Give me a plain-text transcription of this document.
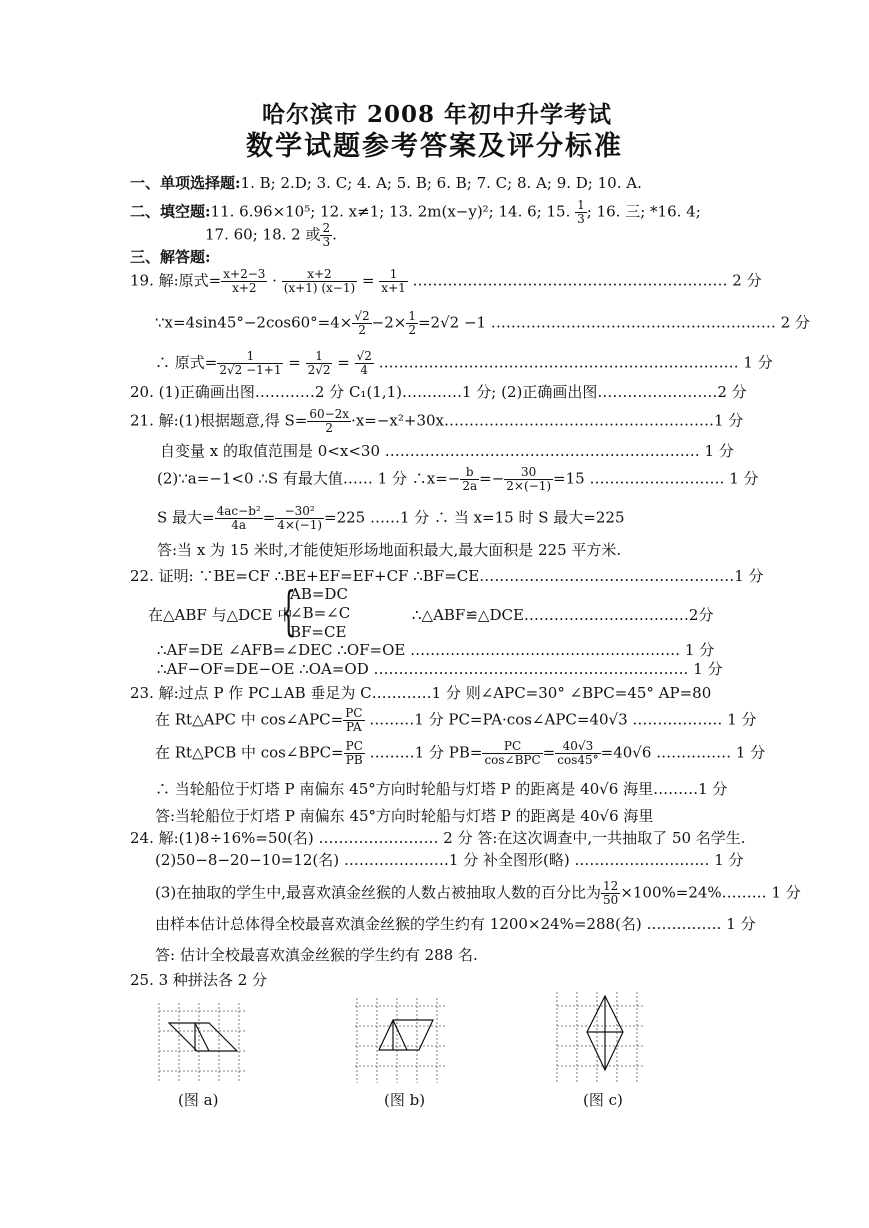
哈尔滨市 2008 年初中升学考试
数学试题参考答案及评分标准
一、单项选择题:1. B; 2.D; 3. C; 4. A; 5. B; 6. B; 7. C; 8. A; 9. D; 10. A.
二、填空题:11. 6.96×10⁵; 12. x≠1; 13. 2m(x−y)²; 14. 6; 15. $\frac{1}{3}$ ; 16. 三; *16. 4;
17. 60; 18. 2 或 $\frac{2}{3}$ .
三、解答题:
19. 解:原式= $\frac{x+2-3}{x+2} \cdot \frac{x+2}{(x+1) (x-1)} = \frac{1}{x+1}$ ……………………………………………………… 2 分
∵x=4sin45°−2cos60°=4× $\frac{√2}{2} -2\times \frac{1}{2} =2√2 -1$ ………………………………………………… 2 分
∴ 原式= $\frac{1}{2√2 -1+1} = \frac{1}{2√2} = \frac{√2}{4}$ ……………………………………………………………… 1 分
20. (1)正确画出图…………2 分 C₁(1,1)…………1 分; (2)正确画出图……………………2 分
21. 解:(1)根据题意,得 $S= \frac{60-2x}{2}$ ·x=−x²+30x………………………………………………1 分
自变量 x 的取值范围是 0<x<30 ……………………………………………………… 1 分
(2)∵a=−1<0 ∴S 有最大值…… 1 分 ∴x=− $\frac{b}{2a} =- \frac{30}{2\times(-1)} =15$ ……………………… 1 分
S 最大= $\frac{\text{4ac−b²}}{4a} = \frac{\text{−30²}}{4\times(-1)} =225$ ……1 分 ∴ 当 x=15 时 S 最大=225
答:当 x 为 15 米时,才能使矩形场地面积最大,最大面积是 225 平方米.
22. 证明: ∵BE=CF ∴BE+EF=EF+CF ∴BF=CE……………………………………………1 分
在△ABF 与△DCE 中
{
AB=DC
∠B=∠C
BF=CE
∴△ABF≌△DCE……………………………2分
∴AF=DE ∠AFB=∠DEC ∴OF=OE ……………………………………………… 1 分
∴AF−OF=DE−OE ∴OA=OD ……………………………………………………… 1 分
23. 解:过点 P 作 PC⊥AB 垂足为 C…………1 分 则∠APC=30° ∠BPC=45° AP=80
在 Rt△APC 中 cos∠APC= $\frac{PC}{PA}$ ………1 分 PC=PA·cos∠APC=40√3 ……………… 1 分
在 Rt△PCB 中 cos∠BPC= $\frac{PC}{PB}$ ………1 分 $PB= \frac{PC}{\text{cos∠BPC}} = \frac{40√3}{\cos 45^\circ} =40√6$ …………… 1 分
∴ 当轮船位于灯塔 P 南偏东 45°方向时轮船与灯塔 P 的距离是 40√6 海里………1 分
答:当轮船位于灯塔 P 南偏东 45°方向时轮船与灯塔 P 的距离是 40√6 海里
24. 解:(1)8÷16%=50(名) …………………… 2 分 答:在这次调查中,一共抽取了 50 名学生.
(2)50−8−20−10=12(名) …………………1 分 补全图形(略) ……………………… 1 分
(3)在抽取的学生中,最喜欢滇金丝猴的人数占被抽取人数的百分比为 $\frac{12}{50}$ ×100%=24%……… 1 分
由样本估计总体得全校最喜欢滇金丝猴的学生约有 1200×24%=288(名) …………… 1 分
答: 估计全校最喜欢滇金丝猴的学生约有 288 名.
25. 3 种拼法各 2 分
(图 a)	(图 b)	(图 c)
